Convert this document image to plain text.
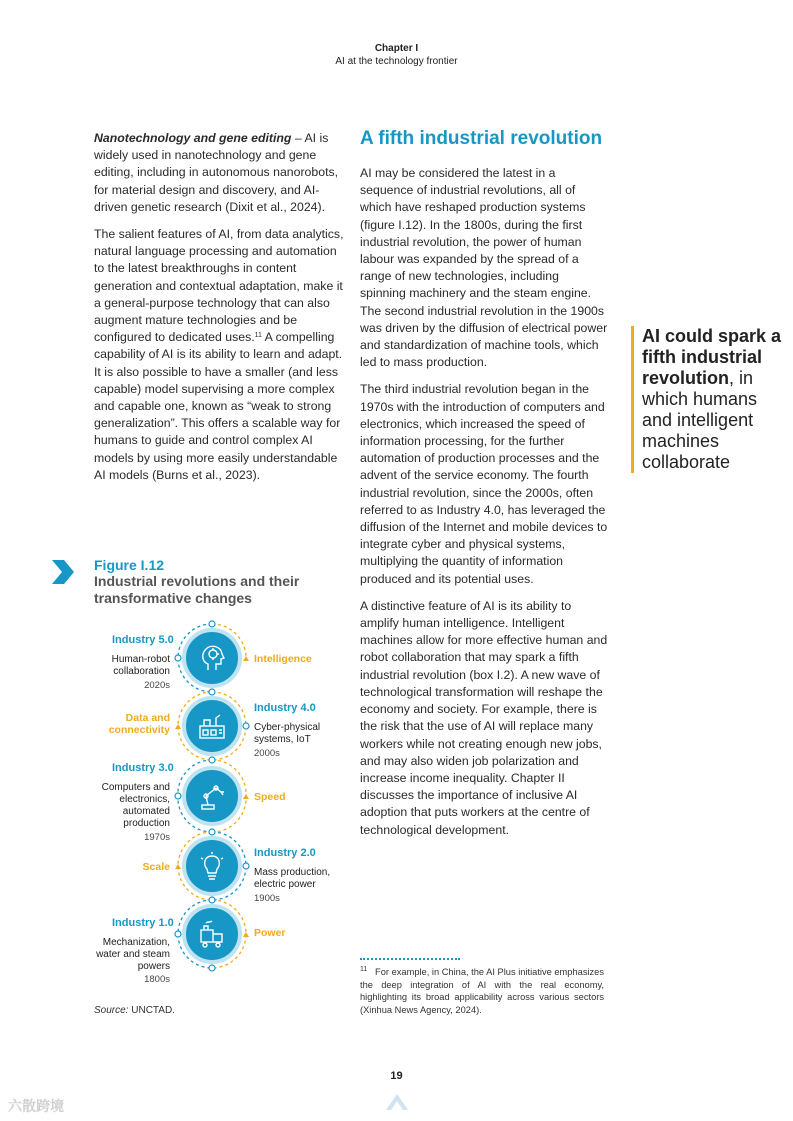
Chapter I
AI at the technology frontier

Nanotechnology and gene editing – AI is widely used in nanotechnology and gene editing, including in autonomous nanorobots, for material design and discovery, and AI-driven genetic research (Dixit et al., 2024).

The salient features of AI, from data analytics, natural language processing and automation to the latest breakthroughs in content generation and contextual adaptation, make it a general-purpose technology that can also augment mature technologies and be configured to dedicated uses.$^{11}$ A compelling capability of AI is its ability to learn and adapt. It is also possible to have a smaller (and less capable) model supervising a more complex and capable one, known as “weak to strong generalization”. This offers a scalable way for humans to guide and control complex AI models by using more easily understandable AI models (Burns et al., 2023).

Figure I.12
Industrial revolutions and their transformative changes
Industry 5.0
Human-robot collaboration
2020s
Intelligence
Industry 4.0
Cyber-physical systems, IoT
2000s
Data and connectivity
Industry 3.0
Computers and electronics, automated production
1970s
Speed
Industry 2.0
Mass production, electric power
1900s
Scale
Industry 1.0
Mechanization, water and steam powers
1800s
Power
Source: UNCTAD.
A fifth industrial revolution

AI may be considered the latest in a sequence of industrial revolutions, all of which have reshaped production systems (figure I.12). In the 1800s, during the first industrial revolution, the power of human labour was expanded by the spread of a range of new technologies, including spinning machinery and the steam engine. The second industrial revolution in the 1900s was driven by the diffusion of electrical power and standardization of machine tools, which led to mass production.

The third industrial revolution began in the 1970s with the introduction of computers and electronics, which increased the speed of information processing, for the further automation of production processes and the advent of the service economy. The fourth industrial revolution, since the 2000s, often referred to as Industry 4.0, has leveraged the diffusion of the Internet and mobile devices to integrate cyber and physical systems, multiplying the quantity of information produced and its potential uses.

A distinctive feature of AI is its ability to amplify human intelligence. Intelligent machines allow for more effective human and robot collaboration that may spark a fifth industrial revolution (box I.2). A new wave of technological transformation will reshape the economy and society. For example, there is the risk that the use of AI will replace many workers while not creating enough new jobs, and may also widen job polarization and increase income inequality. Chapter II discusses the importance of inclusive AI adoption that puts workers at the centre of technological development.

AI could spark a fifth industrial revolution, in which humans and intelligent machines collaborate
$^{11}$ For example, in China, the AI Plus initiative emphasizes the deep integration of AI with the real economy, highlighting its broad applicability across various sectors (Xinhua News Agency, 2024).
19
六散跨境
